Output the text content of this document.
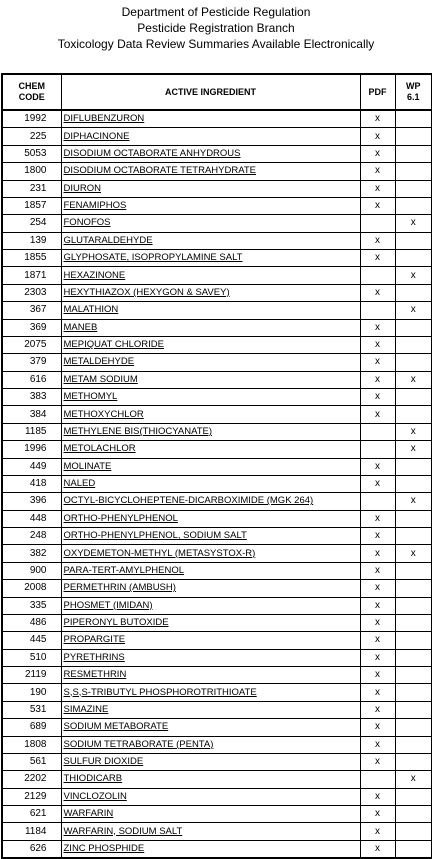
Department of Pesticide Regulation
Pesticide Registration Branch
Toxicology Data Review Summaries Available Electronically
CHEM
CODE	ACTIVE INGREDIENT	PDF	WP
6.1
1992	DIFLUBENZURON	x	
225	DIPHACINONE	x	
5053	DISODIUM OCTABORATE ANHYDROUS	x	
1800	DISODIUM OCTABORATE TETRAHYDRATE	x	
231	DIURON	x	
1857	FENAMIPHOS	x	
254	FONOFOS		x
139	GLUTARALDEHYDE	x	
1855	GLYPHOSATE, ISOPROPYLAMINE SALT	x	
1871	HEXAZINONE		x
2303	HEXYTHIAZOX (HEXYGON & SAVEY)	x	
367	MALATHION		x
369	MANEB	x	
2075	MEPIQUAT CHLORIDE	x	
379	METALDEHYDE	x	
616	METAM SODIUM	x	x
383	METHOMYL	x	
384	METHOXYCHLOR	x	
1185	METHYLENE BIS(THIOCYANATE)		x
1996	METOLACHLOR		x
449	MOLINATE	x	
418	NALED	x	
396	OCTYL-BICYCLOHEPTENE-DICARBOXIMIDE (MGK 264)		x
448	ORTHO-PHENYLPHENOL	x	
248	ORTHO-PHENYLPHENOL, SODIUM SALT	x	
382	OXYDEMETON-METHYL (METASYSTOX-R)	x	x
900	PARA-TERT-AMYLPHENOL	x	
2008	PERMETHRIN (AMBUSH)	x	
335	PHOSMET (IMIDAN)	x	
486	PIPERONYL BUTOXIDE	x	
445	PROPARGITE	x	
510	PYRETHRINS	x	
2119	RESMETHRIN	x	
190	S,S,S-TRIBUTYL PHOSPHOROTRITHIOATE	x	
531	SIMAZINE	x	
689	SODIUM METABORATE	x	
1808	SODIUM TETRABORATE (PENTA)	x	
561	SULFUR DIOXIDE	x	
2202	THIODICARB		x
2129	VINCLOZOLIN	x	
621	WARFARIN	x	
1184	WARFARIN, SODIUM SALT	x	
626	ZINC PHOSPHIDE	x	
